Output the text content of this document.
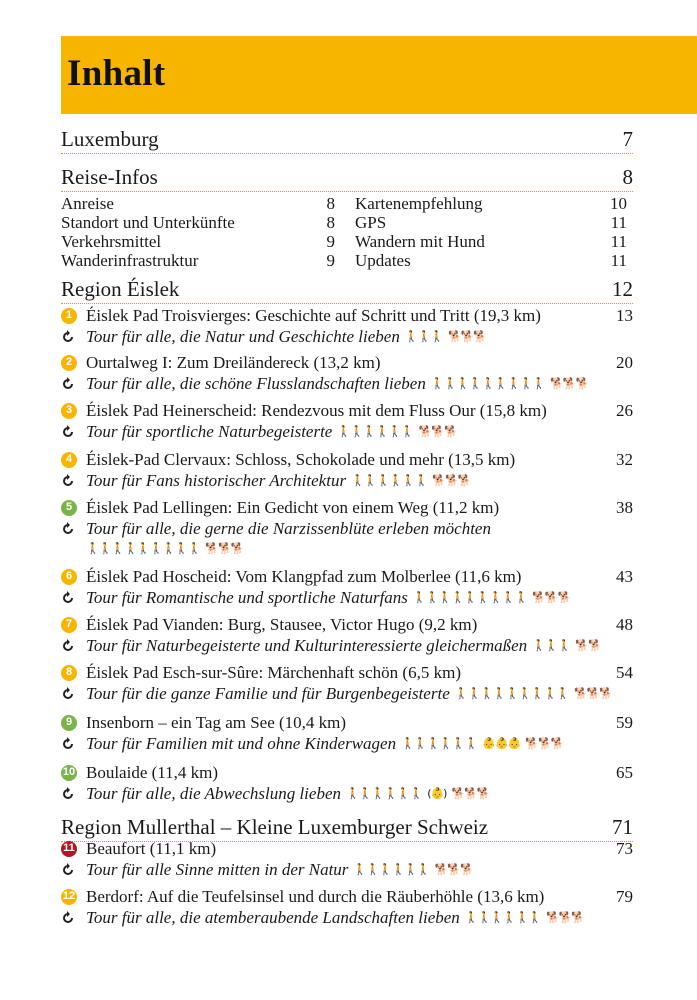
Inhalt
Luxemburg	7
Reise-Infos	8
Anreise	8
Standort und Unterkünfte	8
Verkehrsmittel	9
Wanderinfrastruktur	9
Kartenempfehlung	10
GPS	11
Wandern mit Hund	11
Updates	11
Region Éislek	12
1 Éislek Pad Troisvierges: Geschichte auf Schritt und Tritt (19,3 km)	13
Tour für alle, die Natur und Geschichte lieben 🚶🚶🚶 🐕🐕🐕
2 Ourtalweg I: Zum Dreiländereck (13,2 km)	20
Tour für alle, die schöne Flusslandschaften lieben 🚶🚶🚶🚶🚶🚶🚶🚶🚶 🐕🐕🐕
3 Éislek Pad Heinerscheid: Rendezvous mit dem Fluss Our (15,8 km)	26
Tour für sportliche Naturbegeisterte 🚶🚶🚶🚶🚶🚶 🐕🐕🐕
4 Éislek-Pad Clervaux: Schloss, Schokolade und mehr (13,5 km)	32
Tour für Fans historischer Architektur 🚶🚶🚶🚶🚶🚶 🐕🐕🐕
5 Éislek Pad Lellingen: Ein Gedicht von einem Weg (11,2 km)	38
Tour für alle, die gerne die Narzissenblüte erleben möchten
🚶🚶🚶🚶🚶🚶🚶🚶🚶 🐕🐕🐕
6 Éislek Pad Hoscheid: Vom Klangpfad zum Molberlee (11,6 km)	43
Tour für Romantische und sportliche Naturfans 🚶🚶🚶🚶🚶🚶🚶🚶🚶 🐕🐕🐕
7 Éislek Pad Vianden: Burg, Stausee, Victor Hugo (9,2 km)	48
Tour für Naturbegeisterte und Kulturinteressierte gleichermaßen 🚶🚶🚶 🐕🐕
8 Éislek Pad Esch-sur-Sûre: Märchenhaft schön (6,5 km)	54
Tour für die ganze Familie und für Burgenbegeisterte 🚶🚶🚶🚶🚶🚶🚶🚶🚶 🐕🐕🐕
9 Insenborn – ein Tag am See (10,4 km)	59
Tour für Familien mit und ohne Kinderwagen 🚶🚶🚶🚶🚶🚶 👶👶👶 🐕🐕🐕
10 Boulaide (11,4 km)	65
Tour für alle, die Abwechslung lieben 🚶🚶🚶🚶🚶🚶 (👶) 🐕🐕🐕
Region Mullerthal – Kleine Luxemburger Schweiz	71
11 Beaufort (11,1 km)	73
Tour für alle Sinne mitten in der Natur 🚶🚶🚶🚶🚶🚶 🐕🐕🐕
12 Berdorf: Auf die Teufelsinsel und durch die Räuberhöhle (13,6 km)	79
Tour für alle, die atemberaubende Landschaften lieben 🚶🚶🚶🚶🚶🚶 🐕🐕🐕
